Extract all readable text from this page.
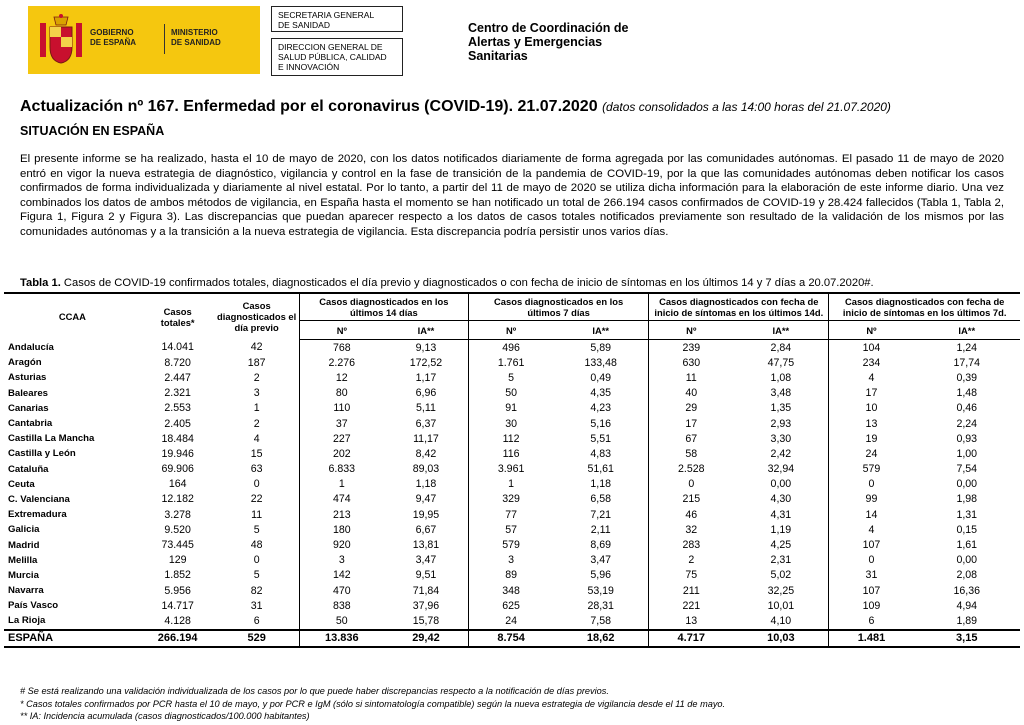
GOBIERNO
DE ESPAÑA
MINISTERIO
DE SANIDAD
SECRETARIA GENERAL
DE SANIDAD
DIRECCION GENERAL DE
SALUD PÚBLICA, CALIDAD
E INNOVACIÓN
Centro de Coordinación de
Alertas y Emergencias
Sanitarias
Actualización nº 167. Enfermedad por el coronavirus (COVID-19). 21.07.2020 (datos consolidados a las 14:00 horas del 21.07.2020)
SITUACIÓN EN ESPAÑA
El presente informe se ha realizado, hasta el 10 de mayo de 2020, con los datos notificados diariamente de forma agregada por las comunidades autónomas. El pasado 11 de mayo de 2020 entró en vigor la nueva estrategia de diagnóstico, vigilancia y control en la fase de transición de la pandemia de COVID-19, por la que las comunidades autónomas deben notificar los casos confirmados de forma individualizada y diariamente al nivel estatal. Por lo tanto, a partir del 11 de mayo de 2020 se utiliza dicha información para la elaboración de este informe diario. Una vez combinados los datos de ambos métodos de vigilancia, en España hasta el momento se han notificado un total de 266.194 casos confirmados de COVID-19 y 28.424 fallecidos (Tabla 1, Tabla 2, Figura 1, Figura 2 y Figura 3). Las discrepancias que puedan aparecer respecto a los datos de casos totales notificados previamente son resultado de la validación de los mismos por las comunidades autónomas y a la transición a la nueva estrategia de vigilancia. Esta discrepancia podría persistir unos varios días.
Tabla 1. Casos de COVID-19 confirmados totales, diagnosticados el día previo y diagnosticados o con fecha de inicio de síntomas en los últimos 14 y 7 días a 20.07.2020#.
CCAA	Casos totales*	Casos diagnosticados el día previo	Casos diagnosticados en los últimos 14 días		Casos diagnosticados en los últimos 7 días		Casos diagnosticados con fecha de inicio de síntomas en los últimos 14d.		Casos diagnosticados con fecha de inicio de síntomas en los últimos 7d.	
			Nº	IA**	Nº	IA**	Nº	IA**	Nº	IA**
Andalucía	14.041	42	768	9,13	496	5,89	239	2,84	104	1,24
Aragón	8.720	187	2.276	172,52	1.761	133,48	630	47,75	234	17,74
Asturias	2.447	2	12	1,17	5	0,49	11	1,08	4	0,39
Baleares	2.321	3	80	6,96	50	4,35	40	3,48	17	1,48
Canarias	2.553	1	110	5,11	91	4,23	29	1,35	10	0,46
Cantabria	2.405	2	37	6,37	30	5,16	17	2,93	13	2,24
Castilla La Mancha	18.484	4	227	11,17	112	5,51	67	3,30	19	0,93
Castilla y León	19.946	15	202	8,42	116	4,83	58	2,42	24	1,00
Cataluña	69.906	63	6.833	89,03	3.961	51,61	2.528	32,94	579	7,54
Ceuta	164	0	1	1,18	1	1,18	0	0,00	0	0,00
C. Valenciana	12.182	22	474	9,47	329	6,58	215	4,30	99	1,98
Extremadura	3.278	11	213	19,95	77	7,21	46	4,31	14	1,31
Galicia	9.520	5	180	6,67	57	2,11	32	1,19	4	0,15
Madrid	73.445	48	920	13,81	579	8,69	283	4,25	107	1,61
Melilla	129	0	3	3,47	3	3,47	2	2,31	0	0,00
Murcia	1.852	5	142	9,51	89	5,96	75	5,02	31	2,08
Navarra	5.956	82	470	71,84	348	53,19	211	32,25	107	16,36
País Vasco	14.717	31	838	37,96	625	28,31	221	10,01	109	4,94
La Rioja	4.128	6	50	15,78	24	7,58	13	4,10	6	1,89
ESPAÑA	266.194	529	13.836	29,42	8.754	18,62	4.717	10,03	1.481	3,15
# Se está realizando una validación individualizada de los casos por lo que puede haber discrepancias respecto a la notificación de días previos.
* Casos totales confirmados por PCR hasta el 10 de mayo, y por PCR e IgM (sólo si sintomatología compatible) según la nueva estrategia de vigilancia desde el 11 de mayo.
** IA: Incidencia acumulada (casos diagnosticados/100.000 habitantes)
